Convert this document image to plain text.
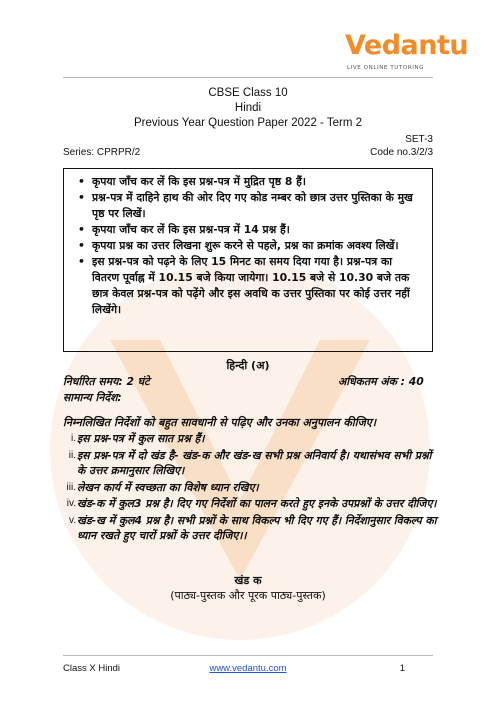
Vedantu
LIVE ONLINE TUTORING
CBSE Class 10
Hindi
Previous Year Question Paper 2022 - Term 2
SET-3
Series: CPRPR/2	Code no.3/2/3
• कृपया जाँच कर लें कि इस प्रश्न-पत्र में मुद्रित पृष्ठ 8 हैं।
• प्रश्न-पत्र में दाहिने हाथ की ओर दिए गए कोड नम्बर को छात्र उत्तर पुस्तिका के मुख पृष्ठ पर लिखें।
• कृपया जाँच कर लें कि इस प्रश्न-पत्र में 14 प्रश्न हैं।
• कृपया प्रश्न का उत्तर लिखना शुरू करने से पहले, प्रश्न का क्रमांक अवश्य लिखें।
• इस प्रश्न-पत्र को पढ़ने के लिए 15 मिनट का समय दिया गया है। प्रश्न-पत्र का वितरण पूर्वाह्न में 10.15 बजे किया जायेगा। 10.15 बजे से 10.30 बजे तक छात्र केवल प्रश्न-पत्र को पढ़ेंगे और इस अवधि क उत्तर पुस्तिका पर कोई उत्तर नहीं लिखेंगे।
हिन्दी (अ)
निर्धारित समय: 2 घंटे	अधिकतम अंक : 40
सामान्य निर्देश:
निम्नलिखित निर्देशों को बहुत सावधानी से पढ़िए और उनका अनुपालन कीजिए।
i. इस प्रश्न-पत्र में कुल सात प्रश्न हैं।
ii. इस प्रश्न-पत्र में दो खंड है- खंड-क और खंड-ख सभी प्रश्न अनिवार्य है। यथासंभव सभी प्रश्नों के उत्तर क्रमानुसार लिखिए।
iii. लेखन कार्य में स्वच्छता का विशेष ध्यान रखिए।
iv. खंड-क में कुल3 प्रश्न है। दिए गए निर्देशों का पालन करते हुए इनके उपप्रश्नों के उत्तर दीजिए।
v. खंड-ख में कुल4 प्रश्न है। सभी प्रश्नों के साथ विकल्प भी दिए गए हैं। निर्देशानुसार विकल्प का ध्यान रखते हुए चारों प्रश्नों के उत्तर दीजिए।।
खंड क
(पाठ्य-पुस्तक और पूरक पाठ्य-पुस्तक)
Class X Hindi	www.vedantu.com	1
